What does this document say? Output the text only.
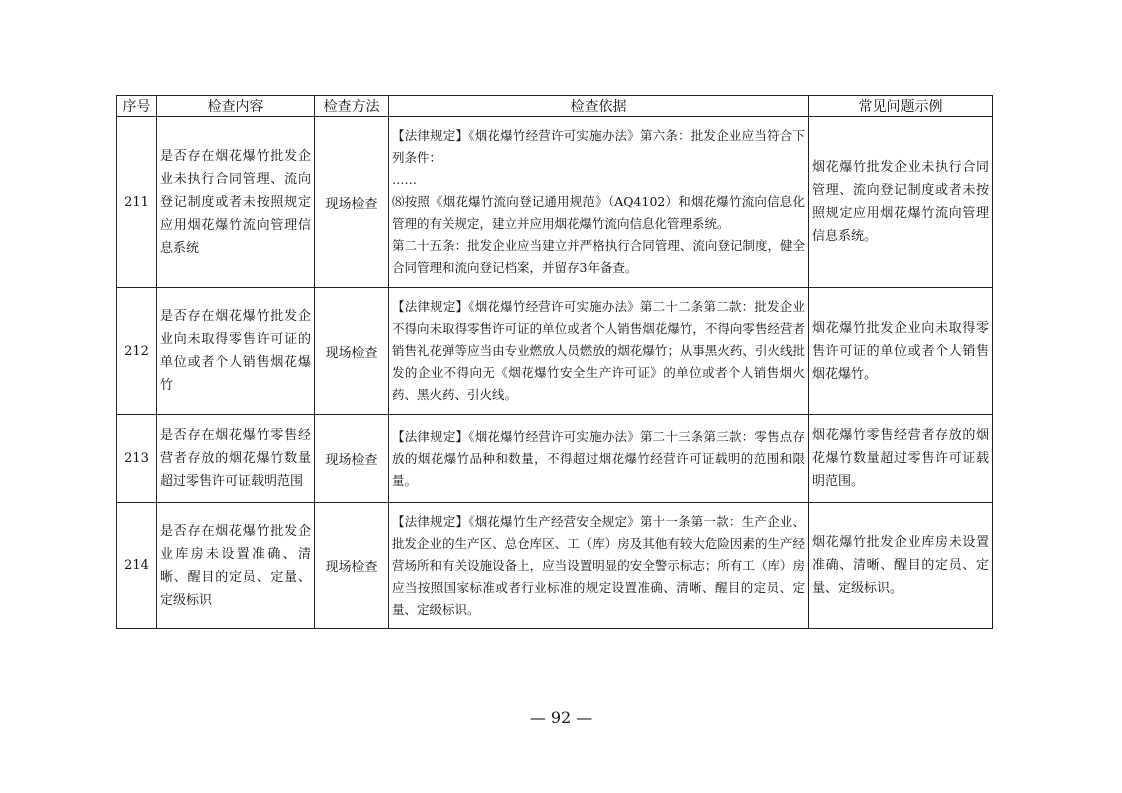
序号	检查内容	检查方法	检查依据	常见问题示例
211	是否存在烟花爆竹批发企业未执行合同管理、流向登记制度或者未按照规定应用烟花爆竹流向管理信息系统	现场检查	【法律规定】《烟花爆竹经营许可实施办法》第六条：批发企业应当符合下列条件：

……

⑻按照《烟花爆竹流向登记通用规范》（AQ4102）和烟花爆竹流向信息化管理的有关规定，建立并应用烟花爆竹流向信息化管理系统。

第二十五条：批发企业应当建立并严格执行合同管理、流向登记制度，健全合同管理和流向登记档案，并留存3年备查。	烟花爆竹批发企业未执行合同管理、流向登记制度或者未按照规定应用烟花爆竹流向管理信息系统。
212	是否存在烟花爆竹批发企业向未取得零售许可证的单位或者个人销售烟花爆竹	现场检查	【法律规定】《烟花爆竹经营许可实施办法》第二十二条第二款：批发企业不得向未取得零售许可证的单位或者个人销售烟花爆竹，不得向零售经营者销售礼花弹等应当由专业燃放人员燃放的烟花爆竹；从事黑火药、引火线批发的企业不得向无《烟花爆竹安全生产许可证》的单位或者个人销售烟火药、黑火药、引火线。	烟花爆竹批发企业向未取得零售许可证的单位或者个人销售烟花爆竹。
213	是否存在烟花爆竹零售经营者存放的烟花爆竹数量超过零售许可证载明范围	现场检查	【法律规定】《烟花爆竹经营许可实施办法》第二十三条第三款：零售点存放的烟花爆竹品种和数量，不得超过烟花爆竹经营许可证载明的范围和限量。	烟花爆竹零售经营者存放的烟花爆竹数量超过零售许可证载明范围。
214	是否存在烟花爆竹批发企业库房未设置准确、清晰、醒目的定员、定量、定级标识	现场检查	【法律规定】《烟花爆竹生产经营安全规定》第十一条第一款：生产企业、批发企业的生产区、总仓库区、工（库）房及其他有较大危险因素的生产经营场所和有关设施设备上，应当设置明显的安全警示标志；所有工（库）房应当按照国家标准或者行业标准的规定设置准确、清晰、醒目的定员、定量、定级标识。	烟花爆竹批发企业库房未设置准确、清晰、醒目的定员、定量、定级标识。
— 92 —
